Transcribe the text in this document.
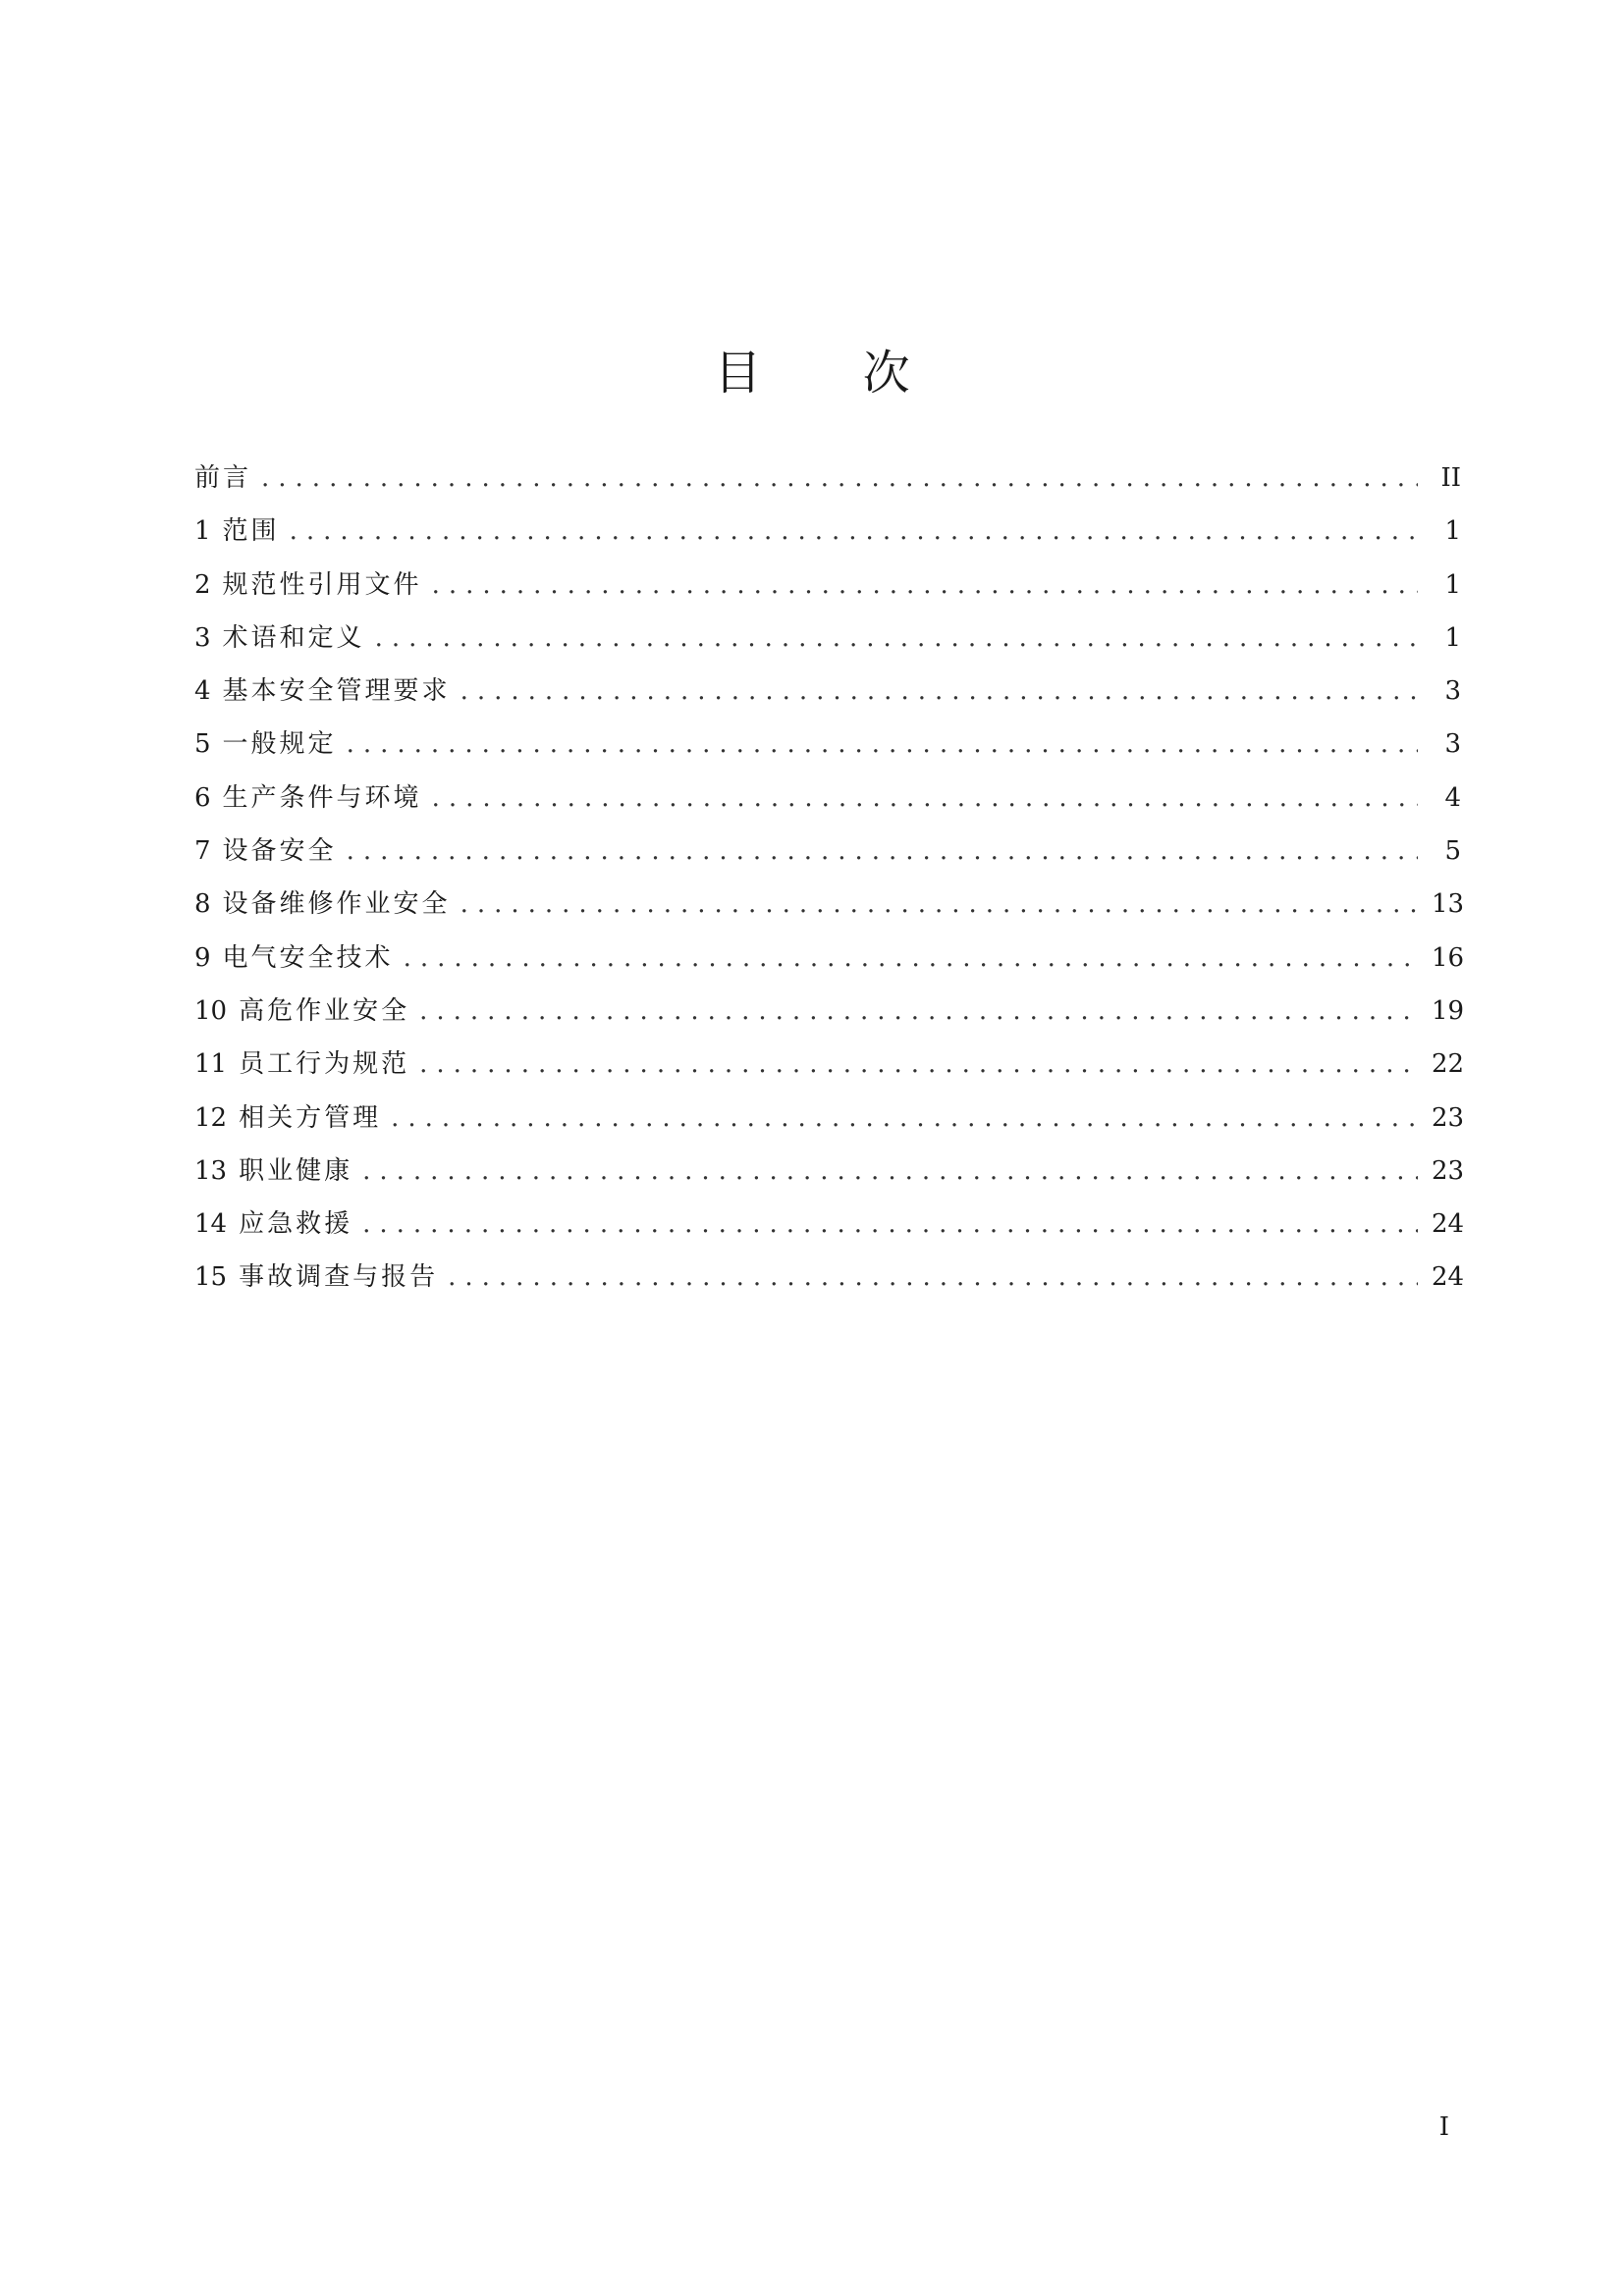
目 次
前言 .....	II
1 范围 .....	1
2 规范性引用文件 .....	1
3 术语和定义 .....	1
4 基本安全管理要求 .....	3
5 一般规定 .....	3
6 生产条件与环境 .....	4
7 设备安全 .....	5
8 设备维修作业安全 .....	13
9 电气安全技术 .....	16
10 高危作业安全 .....	19
11 员工行为规范 .....	22
12 相关方管理 .....	23
13 职业健康 .....	23
14 应急救援 .....	24
15 事故调查与报告 .....	24
I
